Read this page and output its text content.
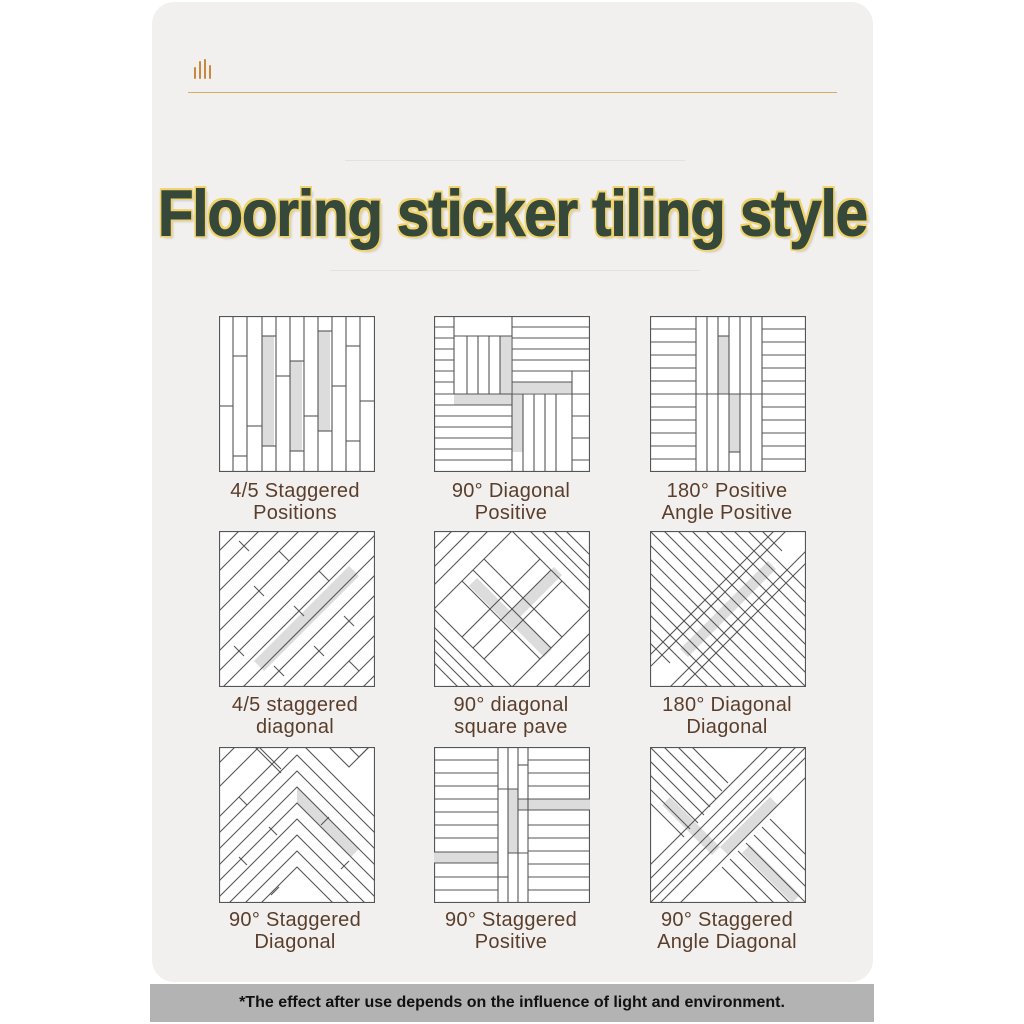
Flooring sticker tiling style
4/5 Staggered
Positions
90° Diagonal
Positive
180° Positive
Angle Positive
4/5 staggered
diagonal
90° diagonal
square pave
180° Diagonal
Diagonal
90° Staggered
Diagonal
90° Staggered
Positive
90° Staggered
Angle Diagonal
*The effect after use depends on the influence of light and environment.
